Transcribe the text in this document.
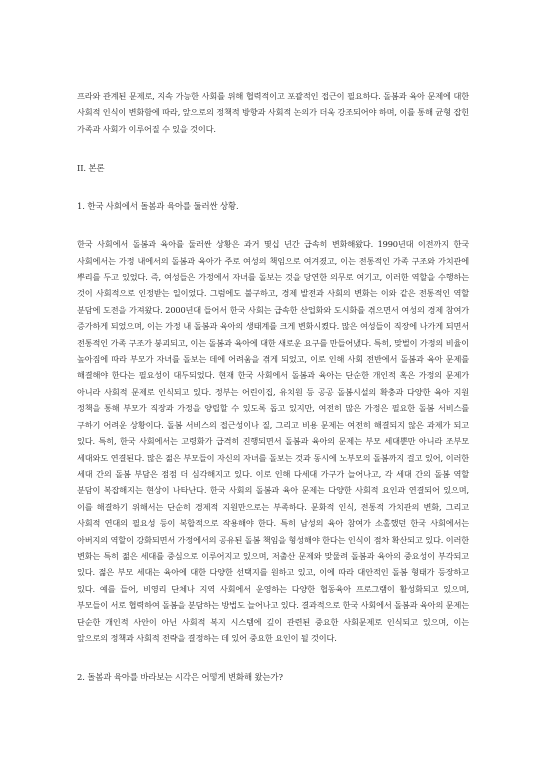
프라와 관계된 문제로, 지속 가능한 사회를 위해 협력적이고 포괄적인 접근이 필요하다. 돌봄과 육아 문제에 대한 사회적 인식이 변화함에 따라, 앞으로의 정책적 방향과 사회적 논의가 더욱 강조되어야 하며, 이를 통해 균형 잡힌 가족과 사회가 이루어질 수 있을 것이다.

II. 본론

1. 한국 사회에서 돌봄과 육아를 둘러싼 상황.

한국 사회에서 돌봄과 육아를 둘러싼 상황은 과거 몇십 년간 급속히 변화해왔다. 1990년대 이전까지 한국 사회에서는 가정 내에서의 돌봄과 육아가 주로 여성의 책임으로 여겨졌고, 이는 전통적인 가족 구조와 가치관에 뿌리를 두고 있었다. 즉, 여성들은 가정에서 자녀를 돌보는 것을 당연한 의무로 여기고, 이러한 역할을 수행하는 것이 사회적으로 인정받는 일이었다. 그럼에도 불구하고, 경제 발전과 사회의 변화는 이와 같은 전통적인 역할 분담에 도전을 가져왔다. 2000년대 들어서 한국 사회는 급속한 산업화와 도시화를 겪으면서 여성의 경제 참여가 증가하게 되었으며, 이는 가정 내 돌봄과 육아의 생태계를 크게 변화시켰다. 많은 여성들이 직장에 나가게 되면서 전통적인 가족 구조가 붕괴되고, 이는 돌봄과 육아에 대한 새로운 요구를 만들어냈다. 특히, 맞벌이 가정의 비율이 높아짐에 따라 부모가 자녀를 돌보는 데에 어려움을 겪게 되었고, 이로 인해 사회 전반에서 돌봄과 육아 문제를 해결해야 한다는 필요성이 대두되었다. 현재 한국 사회에서 돌봄과 육아는 단순한 개인적 혹은 가정의 문제가 아니라 사회적 문제로 인식되고 있다. 정부는 어린이집, 유치원 등 공공 돌봄시설의 확충과 다양한 육아 지원 정책을 통해 부모가 직장과 가정을 양립할 수 있도록 돕고 있지만, 여전히 많은 가정은 필요한 돌봄 서비스를 구하기 어려운 상황이다. 돌봄 서비스의 접근성이나 질, 그리고 비용 문제는 여전히 해결되지 않은 과제가 되고 있다. 특히, 한국 사회에서는 고령화가 급격히 진행되면서 돌봄과 육아의 문제는 부모 세대뿐만 아니라 조부모 세대와도 연결된다. 많은 젊은 부모들이 자신의 자녀를 돌보는 것과 동시에 노부모의 돌봄까지 걸고 있어, 이러한 세대 간의 돌봄 부담은 점점 더 심각해지고 있다. 이로 인해 다세대 가구가 늘어나고, 각 세대 간의 돌봄 역할 분담이 복잡해지는 현상이 나타난다. 한국 사회의 돌봄과 육아 문제는 다양한 사회적 요인과 연결되어 있으며, 이를 해결하기 위해서는 단순히 경제적 지원만으로는 부족하다. 문화적 인식, 전통적 가치관의 변화, 그리고 사회적 연대의 필요성 등이 복합적으로 작용해야 한다. 특히 남성의 육아 참여가 소홀했던 한국 사회에서는 아버지의 역할이 강화되면서 가정에서의 공유된 돌봄 책임을 형성해야 한다는 인식이 점차 확산되고 있다. 이러한 변화는 특히 젊은 세대를 중심으로 이루어지고 있으며, 저출산 문제와 맞물려 돌봄과 육아의 중요성이 부각되고 있다. 젊은 부모 세대는 육아에 대한 다양한 선택지를 원하고 있고, 이에 따라 대안적인 돌봄 형태가 등장하고 있다. 예를 들어, 비영리 단체나 지역 사회에서 운영하는 다양한 협동육아 프로그램이 활성화되고 있으며, 부모들이 서로 협력하여 돌봄을 분담하는 방법도 늘어나고 있다. 결과적으로 한국 사회에서 돌봄과 육아의 문제는 단순한 개인적 사안이 아닌 사회적 복지 시스템에 깊이 관련된 중요한 사회문제로 인식되고 있으며, 이는 앞으로의 정책과 사회적 전략을 결정하는 데 있어 중요한 요인이 될 것이다.

2. 돌봄과 육아를 바라보는 시각은 어떻게 변화해 왔는가?
